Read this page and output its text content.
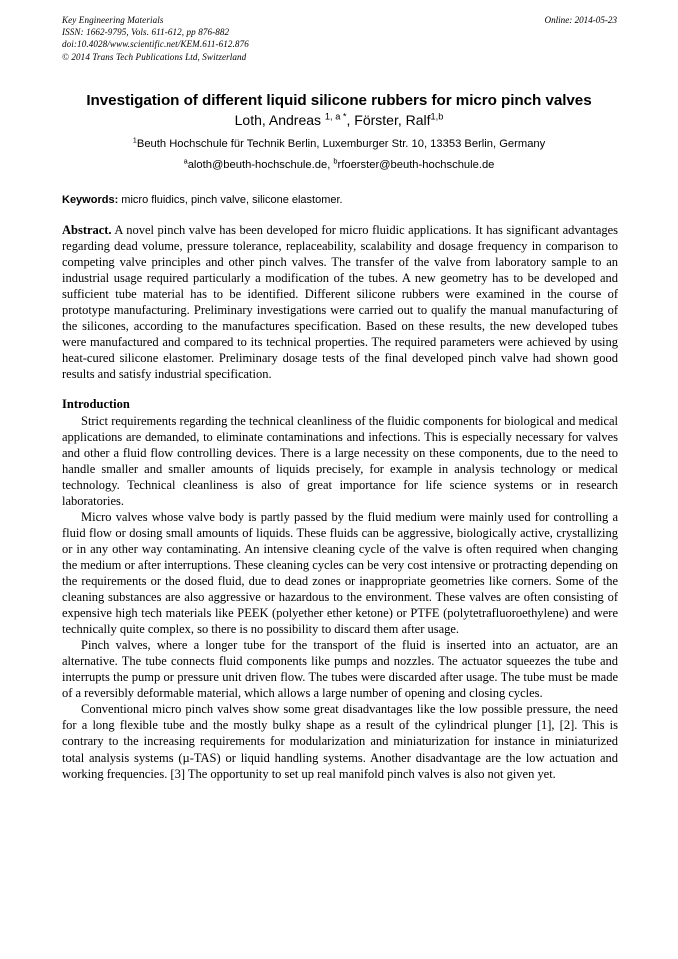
Key Engineering Materials
ISSN: 1662-9795, Vols. 611-612, pp 876-882
doi:10.4028/www.scientific.net/KEM.611-612.876
© 2014 Trans Tech Publications Ltd, Switzerland
Online: 2014-05-23
Investigation of different liquid silicone rubbers for micro pinch valves
Loth, Andreas $^{1, a *}$, Förster, Ralf$^{1,b}$
$^1$Beuth Hochschule für Technik Berlin, Luxemburger Str. 10, 13353 Berlin, Germany
$^a$aloth@beuth-hochschule.de, $^b$rfoerster@beuth-hochschule.de
Keywords: micro fluidics, pinch valve, silicone elastomer.

Abstract. A novel pinch valve has been developed for micro fluidic applications. It has significant advantages regarding dead volume, pressure tolerance, replaceability, scalability and dosage frequency in comparison to competing valve principles and other pinch valves. The transfer of the valve from laboratory sample to an industrial usage required particularly a modification of the tubes. A new geometry has to be developed and sufficient tube material has to be identified. Different silicone rubbers were examined in the course of prototype manufacturing. Preliminary investigations were carried out to qualify the manual manufacturing of the silicones, according to the manufactures specification. Based on these results, the new developed tubes were manufactured and compared to its technical properties. The required parameters were achieved by using heat-cured silicone elastomer. Preliminary dosage tests of the final developed pinch valve had shown good results and satisfy industrial specification.

Introduction

Strict requirements regarding the technical cleanliness of the fluidic components for biological and medical applications are demanded, to eliminate contaminations and infections. This is especially necessary for valves and other a fluid flow controlling devices. There is a large necessity on these components, due to the need to handle smaller and smaller amounts of liquids precisely, for example in analysis technology or medical technology. Technical cleanliness is also of great importance for life science systems or in research laboratories.

Micro valves whose valve body is partly passed by the fluid medium were mainly used for controlling a fluid flow or dosing small amounts of liquids. These fluids can be aggressive, biologically active, crystallizing or in any other way contaminating. An intensive cleaning cycle of the valve is often required when changing the medium or after interruptions. These cleaning cycles can be very cost intensive or protracting depending on the requirements or the dosed fluid, due to dead zones or inappropriate geometries like corners. Some of the cleaning substances are also aggressive or hazardous to the environment. These valves are often consisting of expensive high tech materials like PEEK (polyether ether ketone) or PTFE (polytetrafluoroethylene) and were technically quite complex, so there is no possibility to discard them after usage.

Pinch valves, where a longer tube for the transport of the fluid is inserted into an actuator, are an alternative. The tube connects fluid components like pumps and nozzles. The actuator squeezes the tube and interrupts the pump or pressure unit driven flow. The tubes were discarded after usage. The tube must be made of a reversibly deformable material, which allows a large number of opening and closing cycles.

Conventional micro pinch valves show some great disadvantages like the low possible pressure, the need for a long flexible tube and the mostly bulky shape as a result of the cylindrical plunger [1], [2]. This is contrary to the increasing requirements for modularization and miniaturization for instance in miniaturized total analysis systems (µ-TAS) or liquid handling systems. Another disadvantage are the low actuation and working frequencies. [3] The opportunity to set up real manifold pinch valves is also not given yet.
